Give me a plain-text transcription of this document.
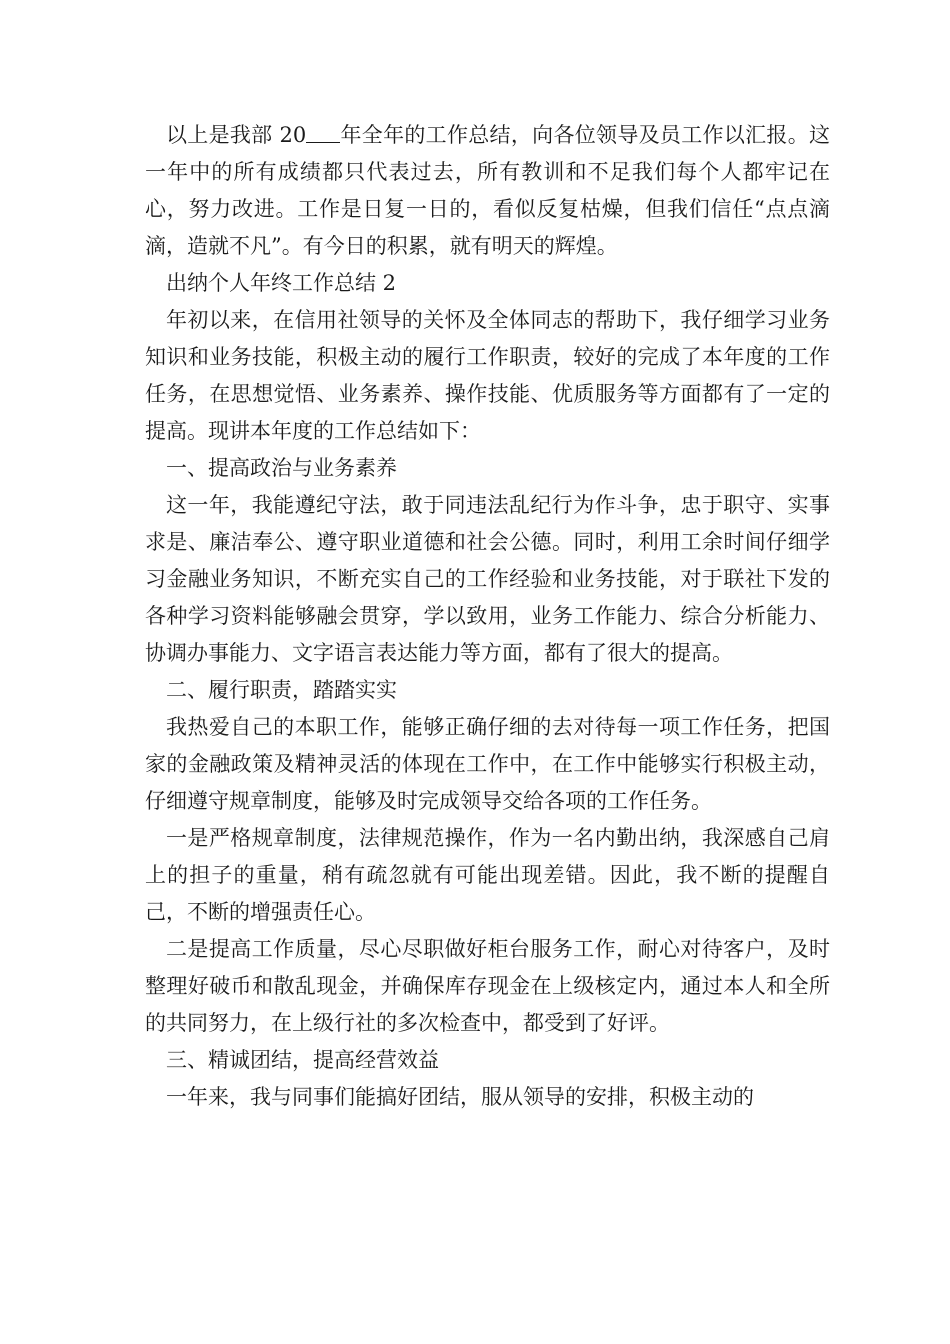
以上是我部 20 年全年的工作总结，向各位领导及员工作以汇报。这一年中的所有成绩都只代表过去，所有教训和不足我们每个人都牢记在心，努力改进。工作是日复一日的，看似反复枯燥，但我们信任“点点滴滴，造就不凡”。有今日的积累，就有明天的辉煌。

出纳个人年终工作总结 2

年初以来，在信用社领导的关怀及全体同志的帮助下，我仔细学习业务知识和业务技能，积极主动的履行工作职责，较好的完成了本年度的工作任务，在思想觉悟、业务素养、操作技能、优质服务等方面都有了一定的提高。现讲本年度的工作总结如下：

一、提高政治与业务素养

这一年，我能遵纪守法，敢于同违法乱纪行为作斗争，忠于职守、实事求是、廉洁奉公、遵守职业道德和社会公德。同时，利用工余时间仔细学习金融业务知识，不断充实自己的工作经验和业务技能，对于联社下发的各种学习资料能够融会贯穿，学以致用，业务工作能力、综合分析能力、协调办事能力、文字语言表达能力等方面，都有了很大的提高。

二、履行职责，踏踏实实

我热爱自己的本职工作，能够正确仔细的去对待每一项工作任务，把国家的金融政策及精神灵活的体现在工作中，在工作中能够实行积极主动，仔细遵守规章制度，能够及时完成领导交给各项的工作任务。

一是严格规章制度，法律规范操作，作为一名内勤出纳，我深感自己肩上的担子的重量，稍有疏忽就有可能出现差错。因此，我不断的提醒自己，不断的增强责任心。

二是提高工作质量，尽心尽职做好柜台服务工作，耐心对待客户，及时整理好破币和散乱现金，并确保库存现金在上级核定内，通过本人和全所的共同努力，在上级行社的多次检查中，都受到了好评。

三、精诚团结，提高经营效益

一年来，我与同事们能搞好团结，服从领导的安排，积极主动的
